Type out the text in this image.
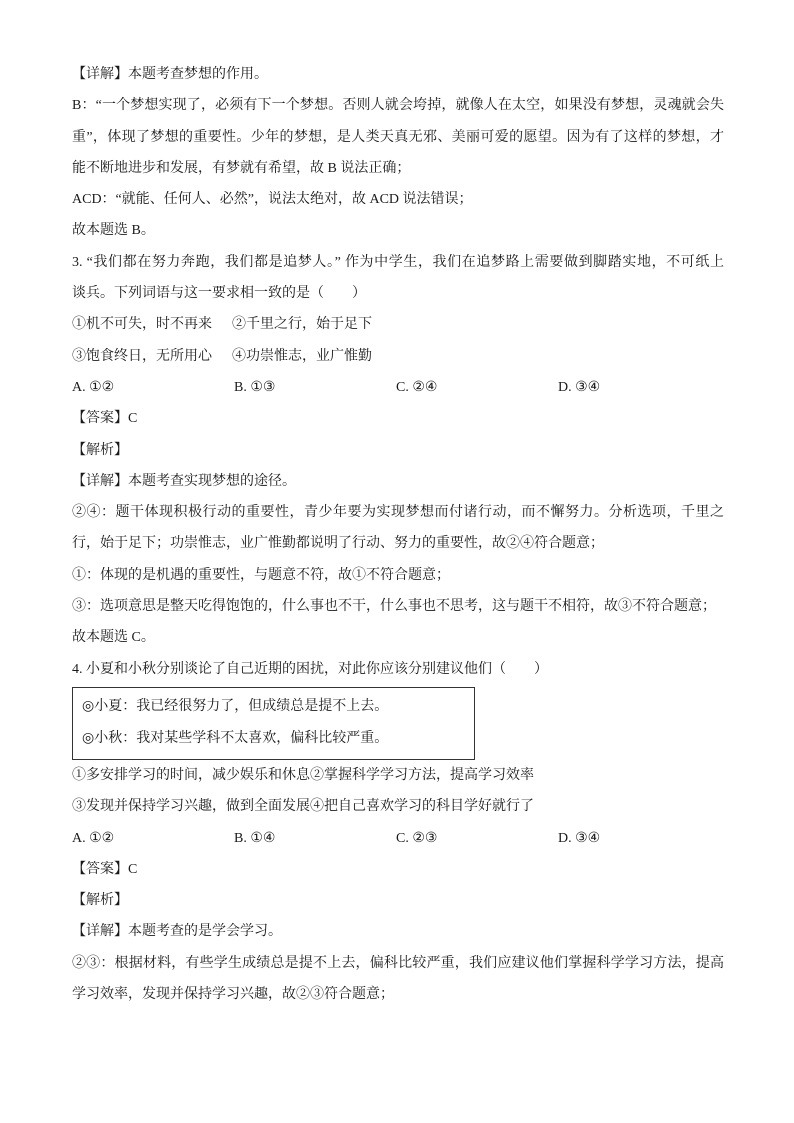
【详解】本题考查梦想的作用。
B：“一个梦想实现了，必须有下一个梦想。否则人就会垮掉，就像人在太空，如果没有梦想，灵魂就会失
重”，体现了梦想的重要性。少年的梦想，是人类天真无邪、美丽可爱的愿望。因为有了这样的梦想，才
能不断地进步和发展，有梦就有希望，故 B 说法正确；
ACD：“就能、任何人、必然”，说法太绝对，故 ACD 说法错误；
故本题选 B。
3. “我们都在努力奔跑，我们都是追梦人。” 作为中学生，我们在追梦路上需要做到脚踏实地，不可纸上
谈兵。下列词语与这一要求相一致的是（　　）
①机不可失，时不再来 ②千里之行，始于足下
③饱食终日，无所用心 ④功崇惟志，业广惟勤
A. ①②	B. ①③	C. ②④	D. ③④
【答案】C
【解析】
【详解】本题考查实现梦想的途径。
②④：题干体现积极行动的重要性，青少年要为实现梦想而付诸行动，而不懈努力。分析选项，千里之
行，始于足下；功崇惟志，业广惟勤都说明了行动、努力的重要性，故②④符合题意；
①：体现的是机遇的重要性，与题意不符，故①不符合题意；
③：选项意思是整天吃得饱饱的，什么事也不干，什么事也不思考，这与题干不相符，故③不符合题意；
故本题选 C。
4. 小夏和小秋分别谈论了自己近期的困扰，对此你应该分别建议他们（　　）
◎小夏：我已经很努力了，但成绩总是提不上去。
◎小秋：我对某些学科不太喜欢，偏科比较严重。
①多安排学习的时间，减少娱乐和休息②掌握科学学习方法，提高学习效率
③发现并保持学习兴趣，做到全面发展④把自己喜欢学习的科目学好就行了
A. ①②	B. ①④	C. ②③	D. ③④
【答案】C
【解析】
【详解】本题考查的是学会学习。
②③：根据材料，有些学生成绩总是提不上去，偏科比较严重，我们应建议他们掌握科学学习方法，提高
学习效率，发现并保持学习兴趣，故②③符合题意；
